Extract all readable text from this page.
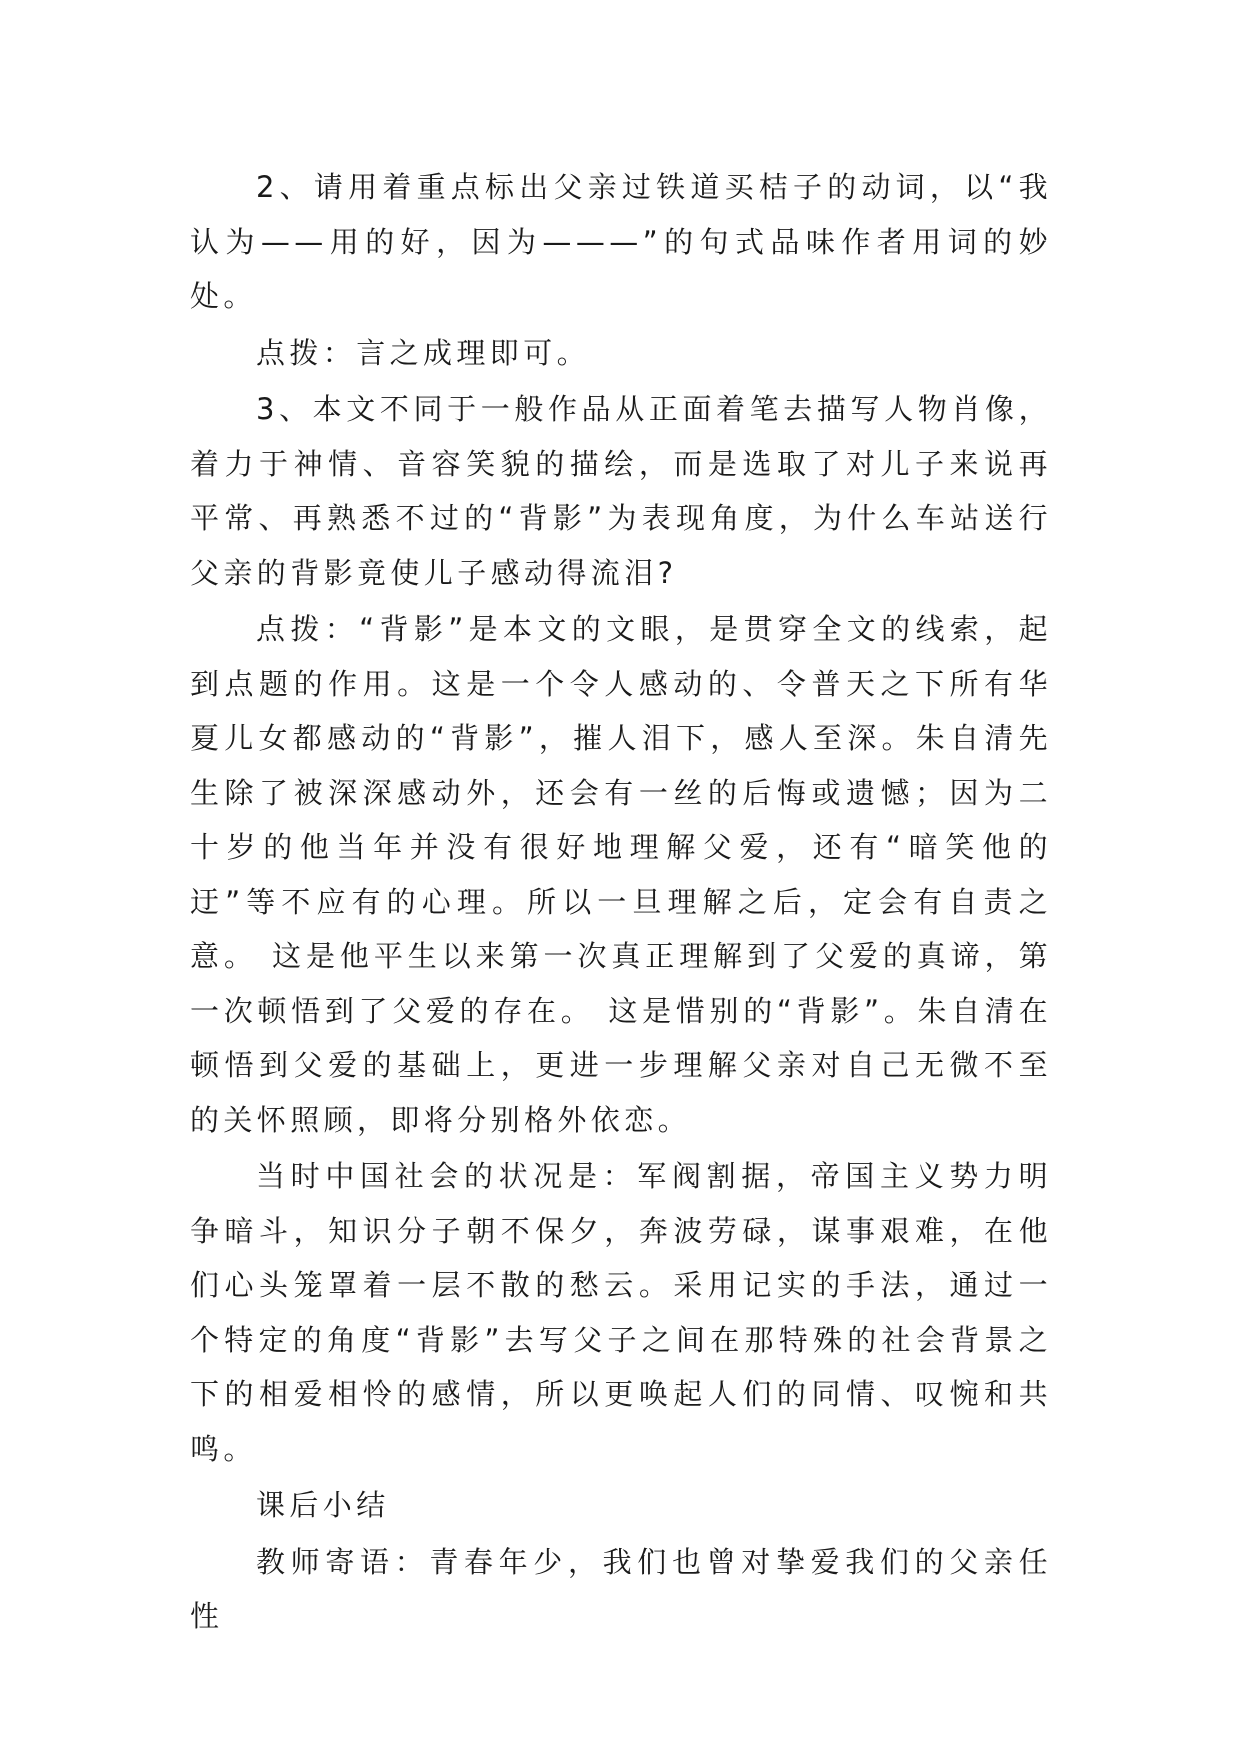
2、请用着重点标出父亲过铁道买桔子的动词，以“我认为——用的好，因为———”的句式品味作者用词的妙处。

点拨：言之成理即可。

3、本文不同于一般作品从正面着笔去描写人物肖像，着力于神情、音容笑貌的描绘，而是选取了对儿子来说再平常、再熟悉不过的“背影”为表现角度，为什么车站送行父亲的背影竟使儿子感动得流泪?

点拨：“背影”是本文的文眼，是贯穿全文的线索，起到点题的作用。这是一个令人感动的、令普天之下所有华夏儿女都感动的“背影”，摧人泪下，感人至深。朱自清先生除了被深深感动外，还会有一丝的后悔或遗憾；因为二十岁的他当年并没有很好地理解父爱，还有“暗笑他的迂”等不应有的心理。所以一旦理解之后，定会有自责之意。 这是他平生以来第一次真正理解到了父爱的真谛，第一次顿悟到了父爱的存在。 这是惜别的“背影”。朱自清在顿悟到父爱的基础上，更进一步理解父亲对自己无微不至的关怀照顾，即将分别格外依恋。

当时中国社会的状况是：军阀割据，帝国主义势力明争暗斗，知识分子朝不保夕，奔波劳碌，谋事艰难，在他们心头笼罩着一层不散的愁云。采用记实的手法，通过一个特定的角度“背影”去写父子之间在那特殊的社会背景之下的相爱相怜的感情，所以更唤起人们的同情、叹惋和共鸣。

课后小结

教师寄语：青春年少，我们也曾对挚爱我们的父亲任性
